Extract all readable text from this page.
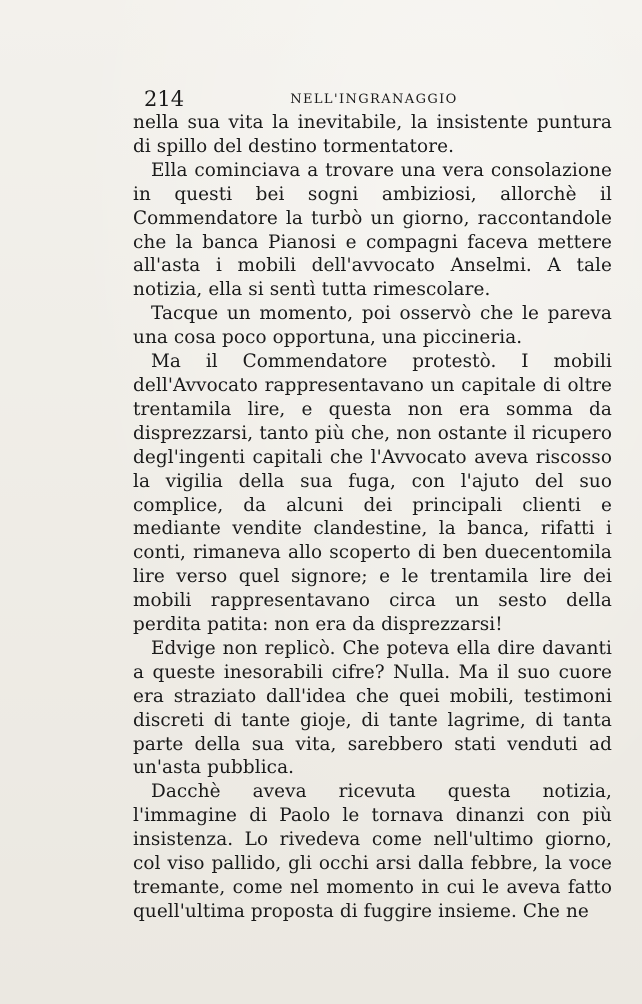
214	NELL'INGRANAGGIO

nella sua vita la inevitabile, la insistente puntura di spillo del destino tormentatore.

Ella cominciava a trovare una vera consolazione in questi bei sogni ambiziosi, allorchè il Commendatore la turbò un giorno, raccontandole che la banca Pianosi e compagni faceva mettere all'asta i mobili dell'avvocato Anselmi. A tale notizia, ella si sentì tutta rimescolare.

Tacque un momento, poi osservò che le pareva una cosa poco opportuna, una piccineria.

Ma il Commendatore protestò. I mobili dell'Avvocato rappresentavano un capitale di oltre trentamila lire, e questa non era somma da disprezzarsi, tanto più che, non ostante il ricupero degl'ingenti capitali che l'Avvocato aveva riscosso la vigilia della sua fuga, con l'ajuto del suo complice, da alcuni dei principali clienti e mediante vendite clandestine, la banca, rifatti i conti, rimaneva allo scoperto di ben duecentomila lire verso quel signore; e le trentamila lire dei mobili rappresentavano circa un sesto della perdita patita: non era da disprezzarsi!

Edvige non replicò. Che poteva ella dire davanti a queste inesorabili cifre? Nulla. Ma il suo cuore era straziato dall'idea che quei mobili, testimoni discreti di tante gioje, di tante lagrime, di tanta parte della sua vita, sarebbero stati venduti ad un'asta pubblica.

Dacchè aveva ricevuta questa notizia, l'immagine di Paolo le tornava dinanzi con più insistenza. Lo rivedeva come nell'ultimo giorno, col viso pallido, gli occhi arsi dalla febbre, la voce tremante, come nel momento in cui le aveva fatto quell'ultima proposta di fuggire insieme. Che ne
